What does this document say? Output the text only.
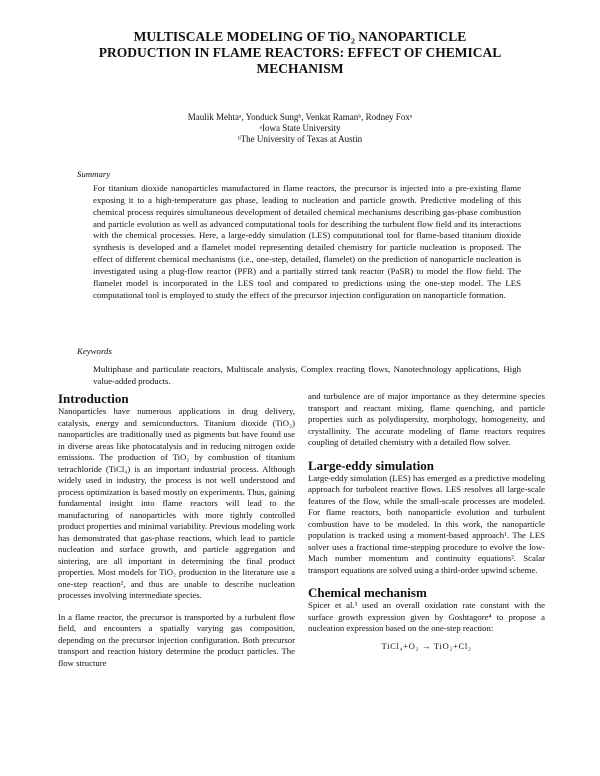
MULTISCALE MODELING OF TiO₂ NANOPARTICLE
PRODUCTION IN FLAME REACTORS: EFFECT OF CHEMICAL
MECHANISM
Maulik Mehtaᵃ, Yonduck Sungᵇ, Venkat Ramanᵇ, Rodney Foxᵃ
ᵃIowa State University
ᵇThe University of Texas at Austin
Summary

For titanium dioxide nanoparticles manufactured in flame reactors, the precursor is injected into a pre-existing flame exposing it to a high-temperature gas phase, leading to nucleation and particle growth. Predictive modeling of this chemical process requires simultaneous development of detailed chemical mechanisms describing gas-phase combustion and particle evolution as well as advanced computational tools for describing the turbulent flow field and its interactions with the chemical processes. Here, a large-eddy simulation (LES) computational tool for flame-based titanium dioxide synthesis is developed and a flamelet model representing detailed chemistry for particle nucleation is proposed. The effect of different chemical mechanisms (i.e., one-step, detailed, flamelet) on the prediction of nanoparticle nucleation is investigated using a plug-flow reactor (PFR) and a partially stirred tank reactor (PaSR) to model the flow field. The flamelet model is incorporated in the LES tool and compared to predictions using the one-step model. The LES computational tool is employed to study the effect of the precursor injection configuration on nanoparticle formation.

Keywords

Multiphase and particulate reactors, Multiscale analysis, Complex reacting flows, Nanotechnology applications, High value-added products.

Introduction

Nanoparticles have numerous applications in drug delivery, catalysis, energy and semiconductors. Titanium dioxide (TiO₂) nanoparticles are traditionally used as pigments but have found use in diverse areas like photocatalysis and in reducing nitrogen oxide emissions. The production of TiO₂ by combustion of titanium tetrachloride (TiCl₄) is an important industrial process. Although widely used in industry, the process is not well understood and process optimization is based mostly on experiments. Thus, gaining fundamental insight into flame reactors will lead to the manufacturing of nanoparticles with more tightly controlled product properties and minimal variability. Previous modeling work has demonstrated that gas-phase reactions, which lead to particle nucleation and surface growth, and particle aggregation and sintering, are all important in determining the final product properties. Most models for TiO₂ production in the literature use a one-step reaction², and thus are unable to describe nucleation processes involving intermediate species.

In a flame reactor, the precursor is transported by a turbulent flow field, and encounters a spatially varying gas composition, depending on the precursor injection configuration. Both precursor transport and reaction history determine the product particles. The flow structure

and turbulence are of major importance as they determine species transport and reactant mixing, flame quenching, and particle properties such as polydispersity, morphology, homogeneity, and crystallinity. The accurate modeling of flame reactors requires coupling of detailed chemistry with a detailed flow solver.

Large-eddy simulation

Large-eddy simulation (LES) has emerged as a predictive modeling approach for turbulent reactive flows. LES resolves all large-scale features of the flow, while the small-scale processes are modeled. For flame reactors, both nanoparticle evolution and turbulent combustion have to be modeled. In this work, the nanoparticle population is tracked using a moment-based approach¹. The LES solver uses a fractional time-stepping procedure to evolve the low-Mach number momentum and continuity equations². Scalar transport equations are solved using a third-order upwind scheme.

Chemical mechanism

Spicer et al.³ used an overall oxidation rate constant with the surface growth expression given by Goshtagore⁴ to propose a nucleation expression based on the one-step reaction:

TiCl₄+O₂ → TiO₂+Cl₂
